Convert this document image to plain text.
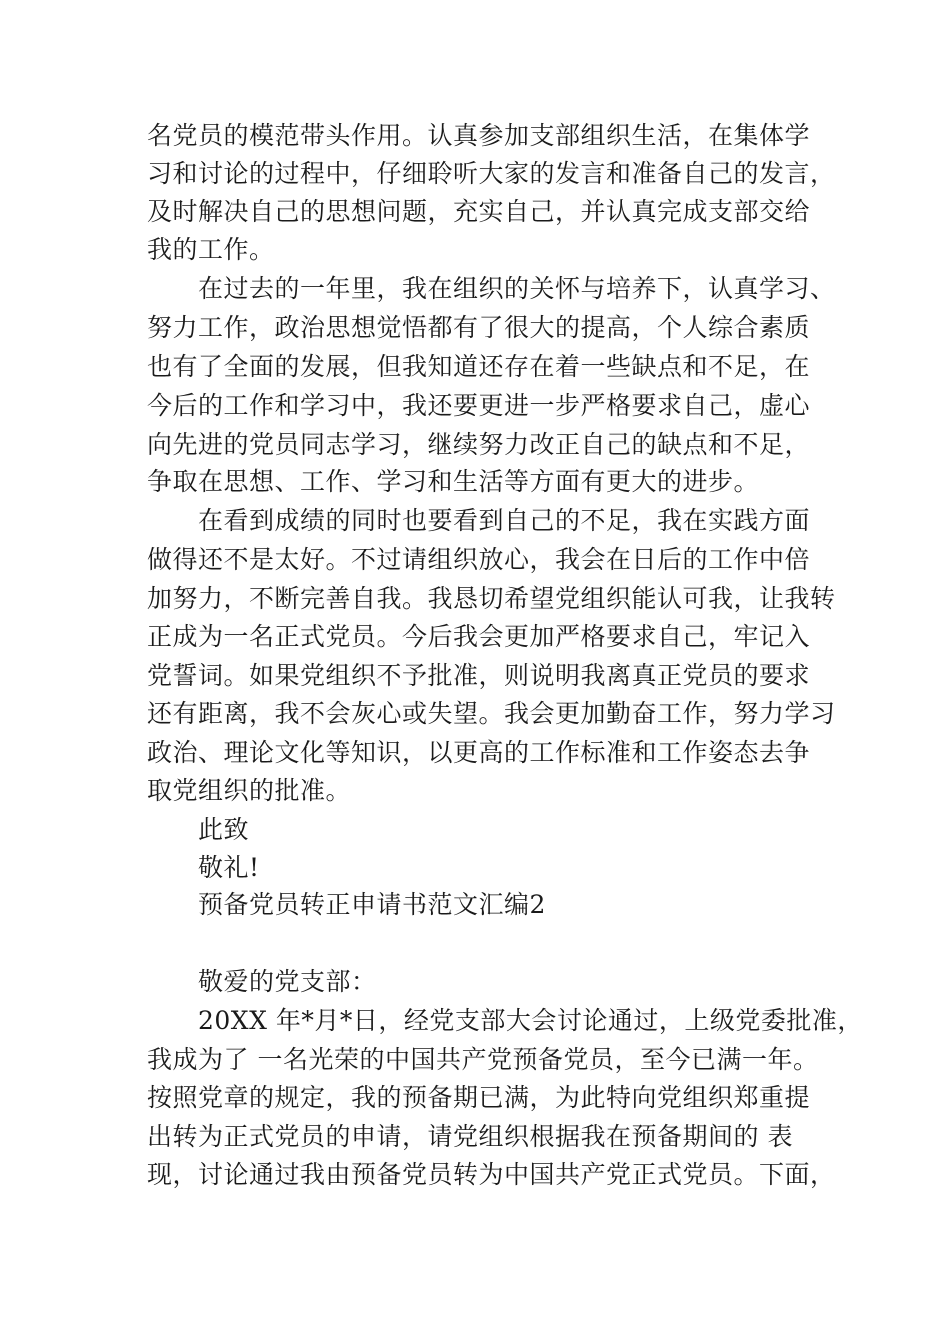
名党员的模范带头作用。认真参加支部组织生活，在集体学
习和讨论的过程中，仔细聆听大家的发言和准备自己的发言，
及时解决自己的思想问题，充实自己，并认真完成支部交给
我的工作。
在过去的一年里，我在组织的关怀与培养下，认真学习、
努力工作，政治思想觉悟都有了很大的提高，个人综合素质
也有了全面的发展，但我知道还存在着一些缺点和不足，在
今后的工作和学习中，我还要更进一步严格要求自己，虚心
向先进的党员同志学习，继续努力改正自己的缺点和不足，
争取在思想、工作、学习和生活等方面有更大的进步。
在看到成绩的同时也要看到自己的不足，我在实践方面
做得还不是太好。不过请组织放心，我会在日后的工作中倍
加努力，不断完善自我。我恳切希望党组织能认可我，让我转
正成为一名正式党员。今后我会更加严格要求自己，牢记入
党誓词。如果党组织不予批准，则说明我离真正党员的要求
还有距离，我不会灰心或失望。我会更加勤奋工作，努力学习
政治、理论文化等知识，以更高的工作标准和工作姿态去争
取党组织的批准。
此致
敬礼!
预备党员转正申请书范文汇编2
敬爱的党支部：
20XX 年*月*日，经党支部大会讨论通过，上级党委批准，
我成为了 一名光荣的中国共产党预备党员，至今已满一年。
按照党章的规定，我的预备期已满，为此特向党组织郑重提
出转为正式党员的申请，请党组织根据我在预备期间的 表
现，讨论通过我由预备党员转为中国共产党正式党员。下面，
